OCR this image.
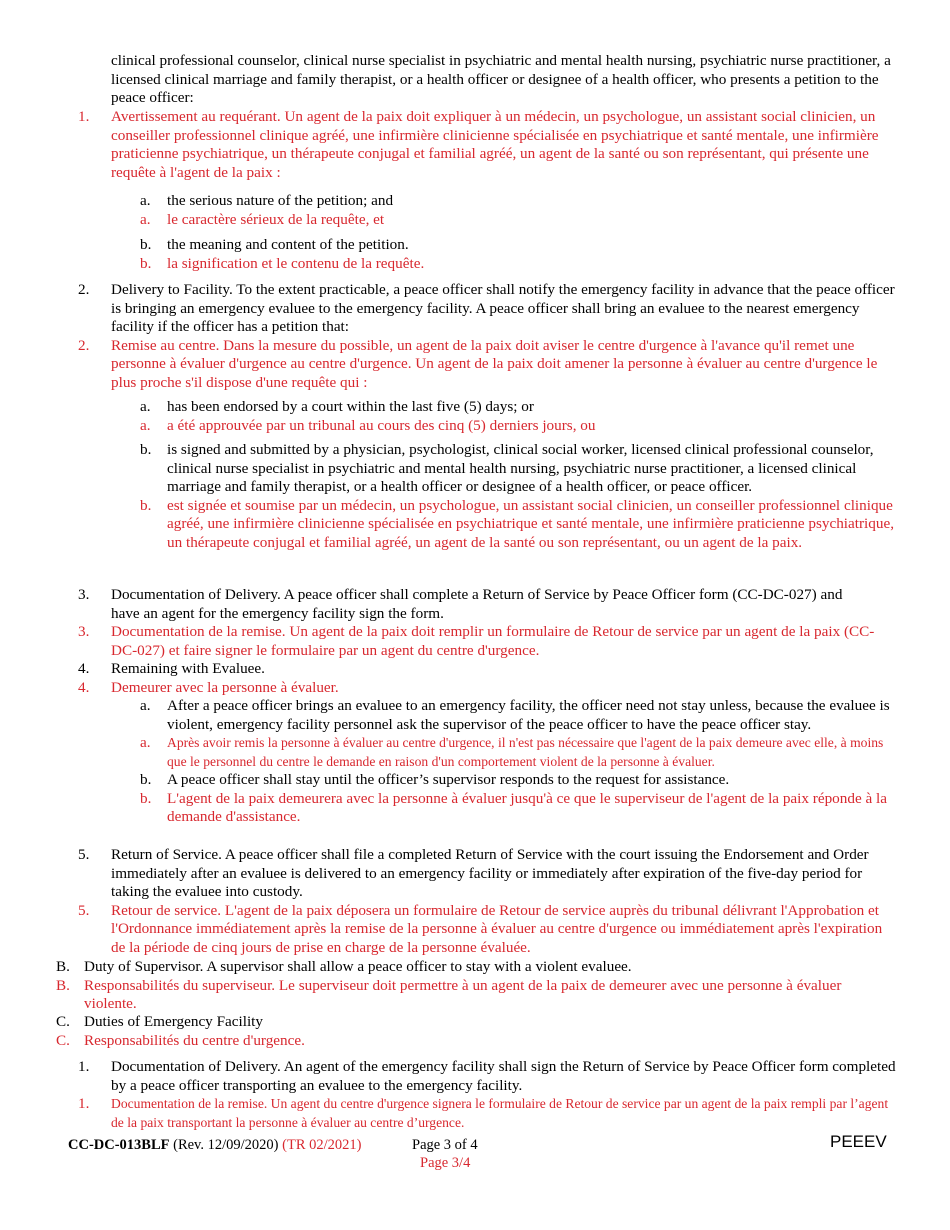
clinical professional counselor, clinical nurse specialist in psychiatric and mental health nursing, psychiatric nurse practitioner, a licensed clinical marriage and family therapist, or a health officer or designee of a health officer, who presents a petition to the peace officer:
1. Avertissement au requérant. Un agent de la paix doit expliquer à un médecin, un psychologue, un assistant social clinicien, un conseiller professionnel clinique agréé, une infirmière clinicienne spécialisée en psychiatrique et santé mentale, une infirmière praticienne psychiatrique, un thérapeute conjugal et familial agréé, un agent de la santé ou son représentant, qui présente une requête à l'agent de la paix :
a. the serious nature of the petition; and
a. le caractère sérieux de la requête, et
b. the meaning and content of the petition.
b. la signification et le contenu de la requête.
2. Delivery to Facility. To the extent practicable, a peace officer shall notify the emergency facility in advance that the peace officer is bringing an emergency evaluee to the emergency facility. A peace officer shall bring an evaluee to the nearest emergency facility if the officer has a petition that:
2. Remise au centre. Dans la mesure du possible, un agent de la paix doit aviser le centre d'urgence à l'avance qu'il remet une personne à évaluer d'urgence au centre d'urgence. Un agent de la paix doit amener la personne à évaluer au centre d'urgence le plus proche s'il dispose d'une requête qui :
a. has been endorsed by a court within the last five (5) days; or
a. a été approuvée par un tribunal au cours des cinq (5) derniers jours, ou
b. is signed and submitted by a physician, psychologist, clinical social worker, licensed clinical professional counselor, clinical nurse specialist in psychiatric and mental health nursing, psychiatric nurse practitioner, a licensed clinical marriage and family therapist, or a health officer or designee of a health officer, or peace officer.
b. est signée et soumise par un médecin, un psychologue, un assistant social clinicien, un conseiller professionnel clinique agréé, une infirmière clinicienne spécialisée en psychiatrique et santé mentale, une infirmière praticienne psychiatrique, un thérapeute conjugal et familial agréé, un agent de la santé ou son représentant, ou un agent de la paix.
3. Documentation of Delivery. A peace officer shall complete a Return of Service by Peace Officer form (CC-DC-027) and have an agent for the emergency facility sign the form.
3. Documentation de la remise. Un agent de la paix doit remplir un formulaire de Retour de service par un agent de la paix (CC-DC-027) et faire signer le formulaire par un agent du centre d'urgence.
4. Remaining with Evaluee.
4. Demeurer avec la personne à évaluer.
a. After a peace officer brings an evaluee to an emergency facility, the officer need not stay unless, because the evaluee is violent, emergency facility personnel ask the supervisor of the peace officer to have the peace officer stay.
a. Après avoir remis la personne à évaluer au centre d'urgence, il n'est pas nécessaire que l'agent de la paix demeure avec elle, à moins que le personnel du centre le demande en raison d'un comportement violent de la personne à évaluer.
b. A peace officer shall stay until the officer’s supervisor responds to the request for assistance.
b. L'agent de la paix demeurera avec la personne à évaluer jusqu'à ce que le superviseur de l'agent de la paix réponde à la demande d'assistance.
5. Return of Service. A peace officer shall file a completed Return of Service with the court issuing the Endorsement and Order immediately after an evaluee is delivered to an emergency facility or immediately after expiration of the five-day period for taking the evaluee into custody.
5. Retour de service. L'agent de la paix déposera un formulaire de Retour de service auprès du tribunal délivrant l'Approbation et l'Ordonnance immédiatement après la remise de la personne à évaluer au centre d'urgence ou immédiatement après l'expiration de la période de cinq jours de prise en charge de la personne évaluée.
B. Duty of Supervisor. A supervisor shall allow a peace officer to stay with a violent evaluee.
B. Responsabilités du superviseur. Le superviseur doit permettre à un agent de la paix de demeurer avec une personne à évaluer violente.
C. Duties of Emergency Facility
C. Responsabilités du centre d'urgence.
1. Documentation of Delivery. An agent of the emergency facility shall sign the Return of Service by Peace Officer form completed by a peace officer transporting an evaluee to the emergency facility.
1. Documentation de la remise. Un agent du centre d'urgence signera le formulaire de Retour de service par un agent de la paix rempli par l’agent de la paix transportant la personne à évaluer au centre d’urgence.
CC-DC-013BLF (Rev. 12/09/2020) (TR 02/2021)	Page 3 of 4
Page 3/4
PEEEV
